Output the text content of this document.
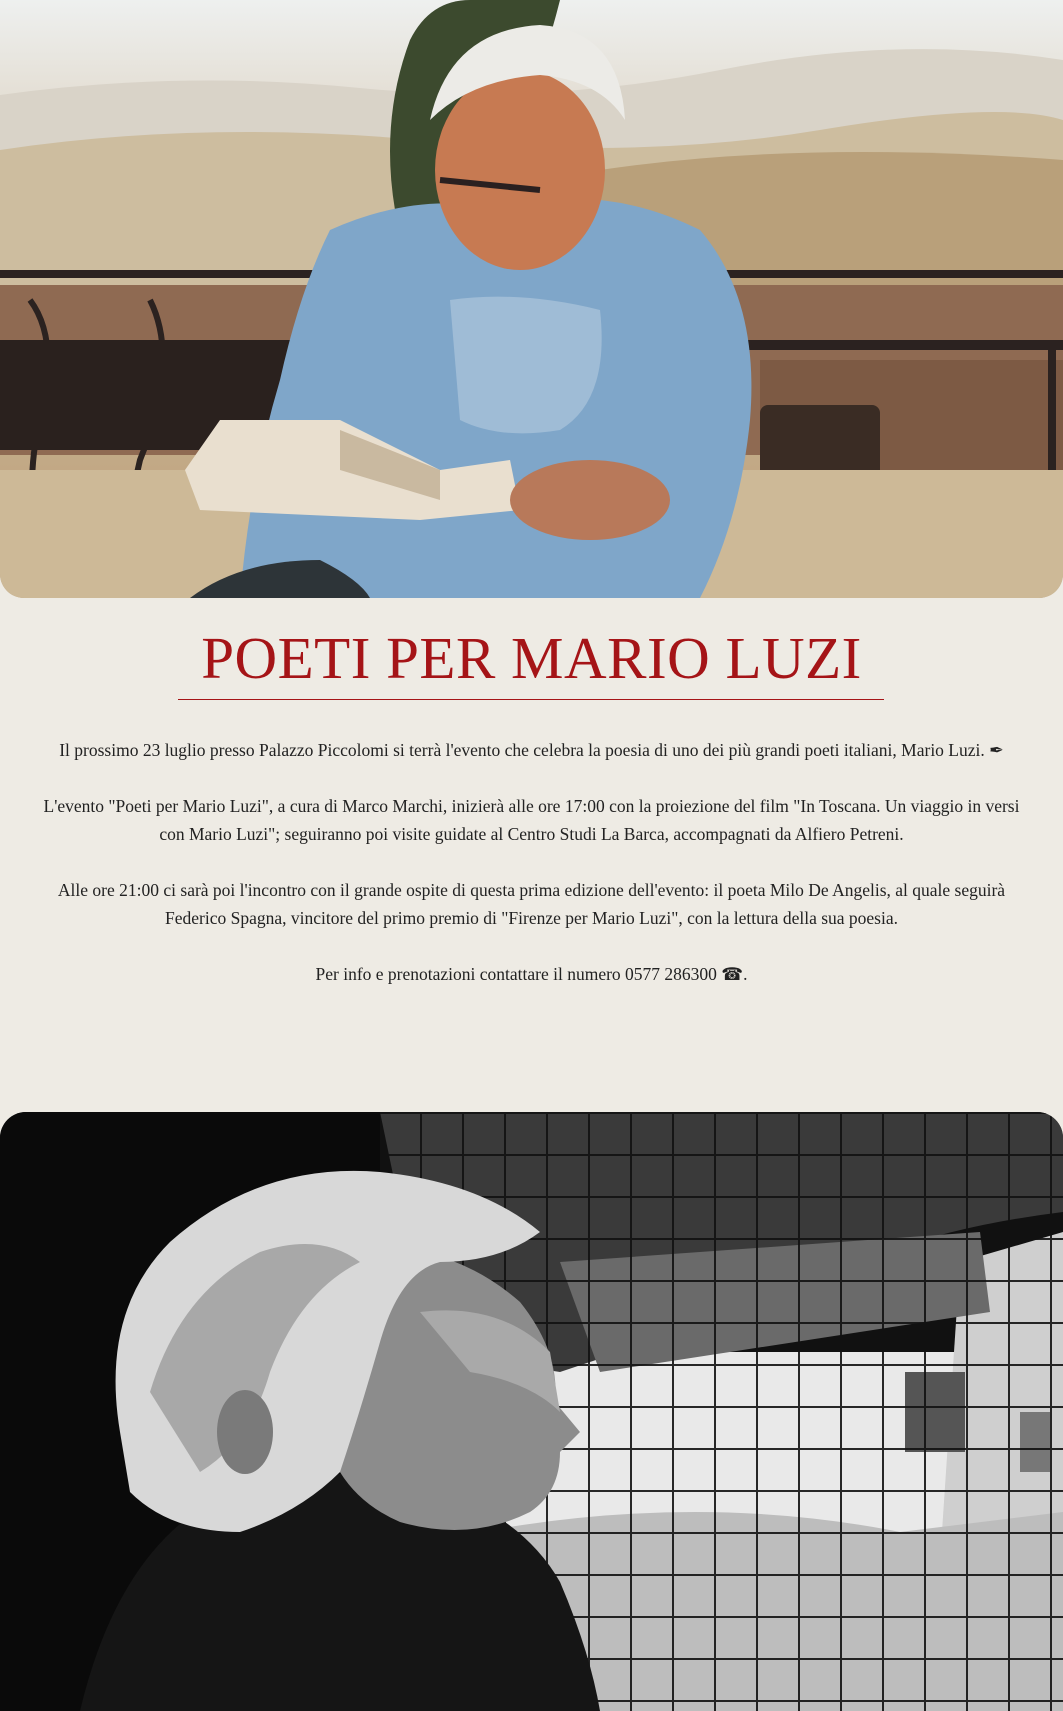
POETI PER MARIO LUZI

Il prossimo 23 luglio presso Palazzo Piccolomi si terrà l'evento che celebra la poesia di uno dei più grandi poeti italiani, Mario Luzi. ✒

L'evento "Poeti per Mario Luzi", a cura di Marco Marchi, inizierà alle ore 17:00 con la proiezione del film "In Toscana. Un viaggio in versi con Mario Luzi"; seguiranno poi visite guidate al Centro Studi La Barca, accompagnati da Alfiero Petreni.

Alle ore 21:00 ci sarà poi l'incontro con il grande ospite di questa prima edizione dell'evento: il poeta Milo De Angelis, al quale seguirà Federico Spagna, vincitore del primo premio di "Firenze per Mario Luzi", con la lettura della sua poesia.

Per info e prenotazioni contattare il numero 0577 286300 ☎.
